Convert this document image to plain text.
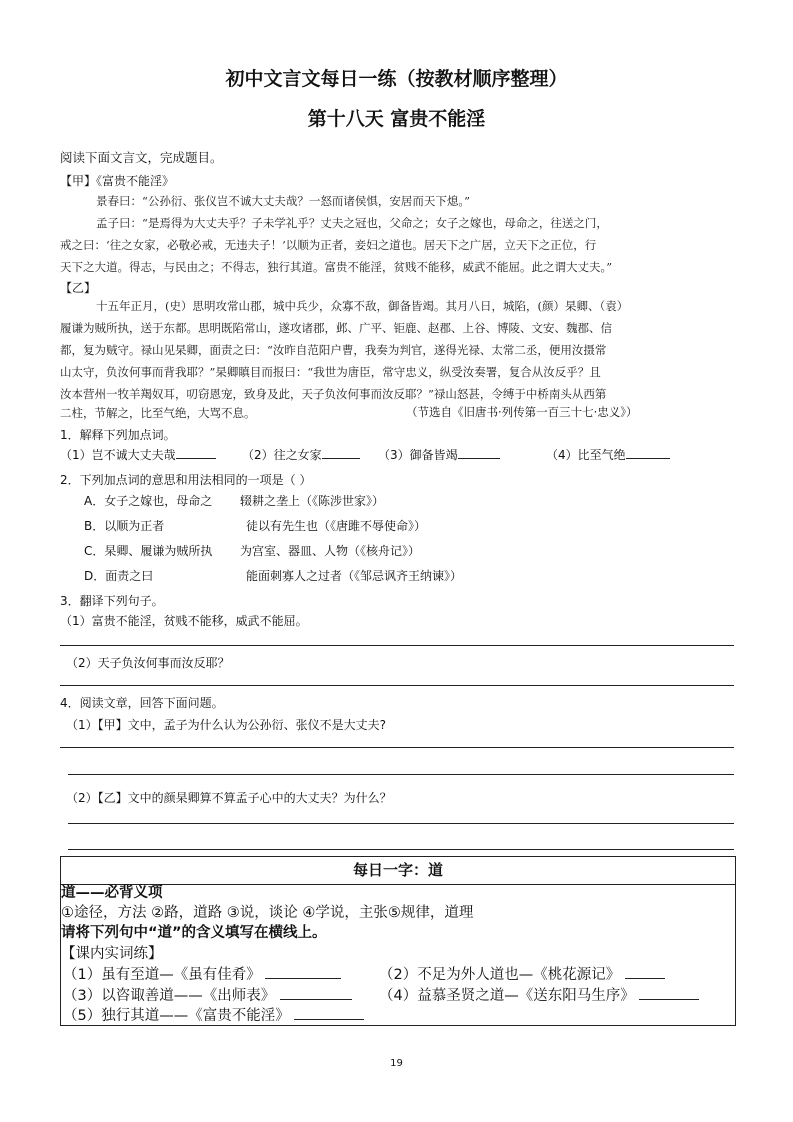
初中文言文每日一练（按教材顺序整理）
第十八天 富贵不能淫
阅读下面文言文，完成题目。
【甲】《富贵不能淫》
景春曰：“公孙衍、张仪岂不诚大丈夫哉？一怒而诸侯惧，安居而天下熄。”
孟子曰：“是焉得为大丈夫乎？子未学礼乎？丈夫之冠也，父命之；女子之嫁也，母命之，往送之门，
戒之曰：‘往之女家，必敬必戒，无违夫子！’以顺为正者，妾妇之道也。居天下之广居，立天下之正位，行
天下之大道。得志，与民由之；不得志，独行其道。富贵不能淫，贫贱不能移，威武不能屈。此之谓大丈夫。”
【乙】
十五年正月，(史）思明攻常山郡，城中兵少，众寡不敌，御备皆竭。其月八日，城陷，(颜）杲卿、（袁）
履谦为贼所执，送于东都。思明既陷常山，遂攻诸郡，邺、广平、钜鹿、赵郡、上谷、博陵、文安、魏郡、信
都，复为贼守。禄山见杲卿，面责之曰：“汝昨自范阳户曹，我奏为判官，遂得光禄、太常二丞，便用汝摄常
山太守，负汝何事而背我耶？”杲卿瞋目而报曰：“我世为唐臣，常守忠义，纵受汝奏署，复合从汝反乎？且
汝本营州一牧羊羯奴耳，叨窃恩宠，致身及此，天子负汝何事而汝反耶？”禄山怒甚，令缚于中桥南头从西第
二柱，节解之，比至气绝，大骂不息。	（节选自《旧唐书·列传第一百三十七·忠义》）
1．解释下列加点词。
（1）岂不诚大丈夫哉	（2）往之女家	（3）御备皆竭	（4）比至气绝
2．下列加点词的意思和用法相同的一项是（ ）
A．女子之嫁也，母命之 辍耕之垄上（《陈涉世家》）
B．以顺为正者	徒以有先生也（《唐雎不辱使命》）
C．杲卿、履谦为贼所执 为宫室、器皿、人物（《核舟记》）
D．面责之曰	能面刺寡人之过者（《邹忌讽齐王纳谏》）
3．翻译下列句子。
（1）富贵不能淫，贫贱不能移，威武不能屈。
（2）天子负汝何事而汝反耶？
4．阅读文章，回答下面问题。
（1）【甲】文中，孟子为什么认为公孙衍、张仪不是大丈夫?
（2）【乙】文中的颜杲卿算不算孟子心中的大丈夫？为什么？
每日一字：道
道——必背义项
①途径，方法 ②路，道路 ③说，谈论 ④学说，主张⑤规律，道理
请将下列句中“道”的含义填写在横线上。
【课内实词练】
（1）虽有至道—《虽有佳肴》	（2）不足为外人道也—《桃花源记》
（3）以咨诹善道——《出师表》	（4）益慕圣贤之道—《送东阳马生序》
（5）独行其道——《富贵不能淫》
19
